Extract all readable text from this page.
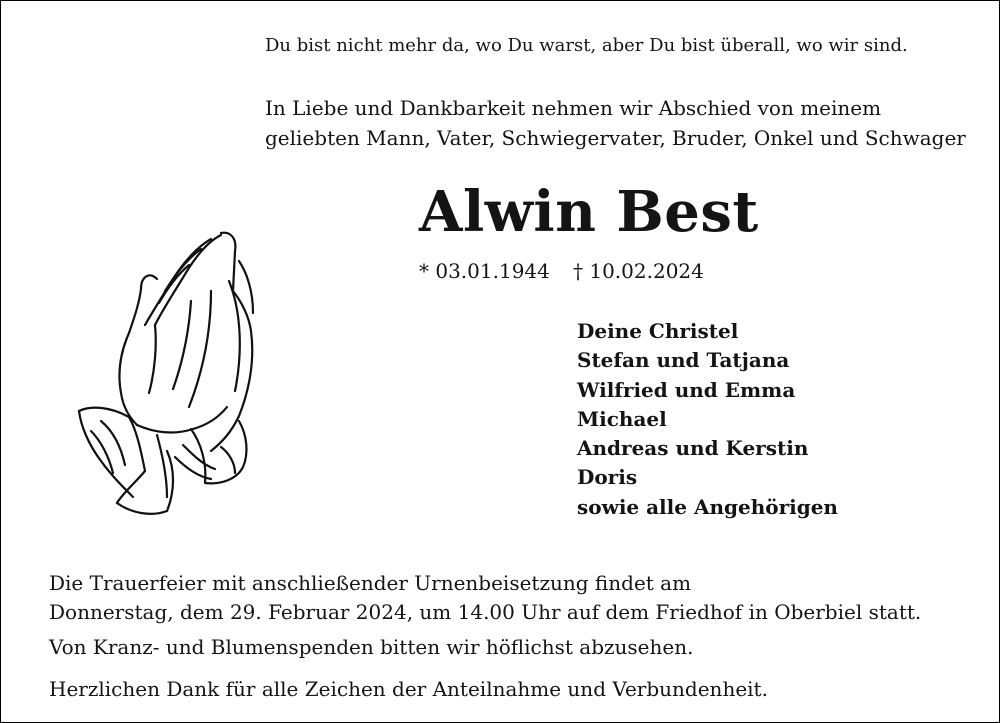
Du bist nicht mehr da, wo Du warst, aber Du bist überall, wo wir sind.
In Liebe und Dankbarkeit nehmen wir Abschied von meinem
geliebten Mann, Vater, Schwiegervater, Bruder, Onkel und Schwager
Alwin Best
* 03.01.1944 † 10.02.2024
Deine Christel
Stefan und Tatjana
Wilfried und Emma
Michael
Andreas und Kerstin
Doris
sowie alle Angehörigen
Die Trauerfeier mit anschließender Urnenbeisetzung findet am
Donnerstag, dem 29. Februar 2024, um 14.00 Uhr auf dem Friedhof in Oberbiel statt.
Von Kranz- und Blumenspenden bitten wir höflichst abzusehen.
Herzlichen Dank für alle Zeichen der Anteilnahme und Verbundenheit.
